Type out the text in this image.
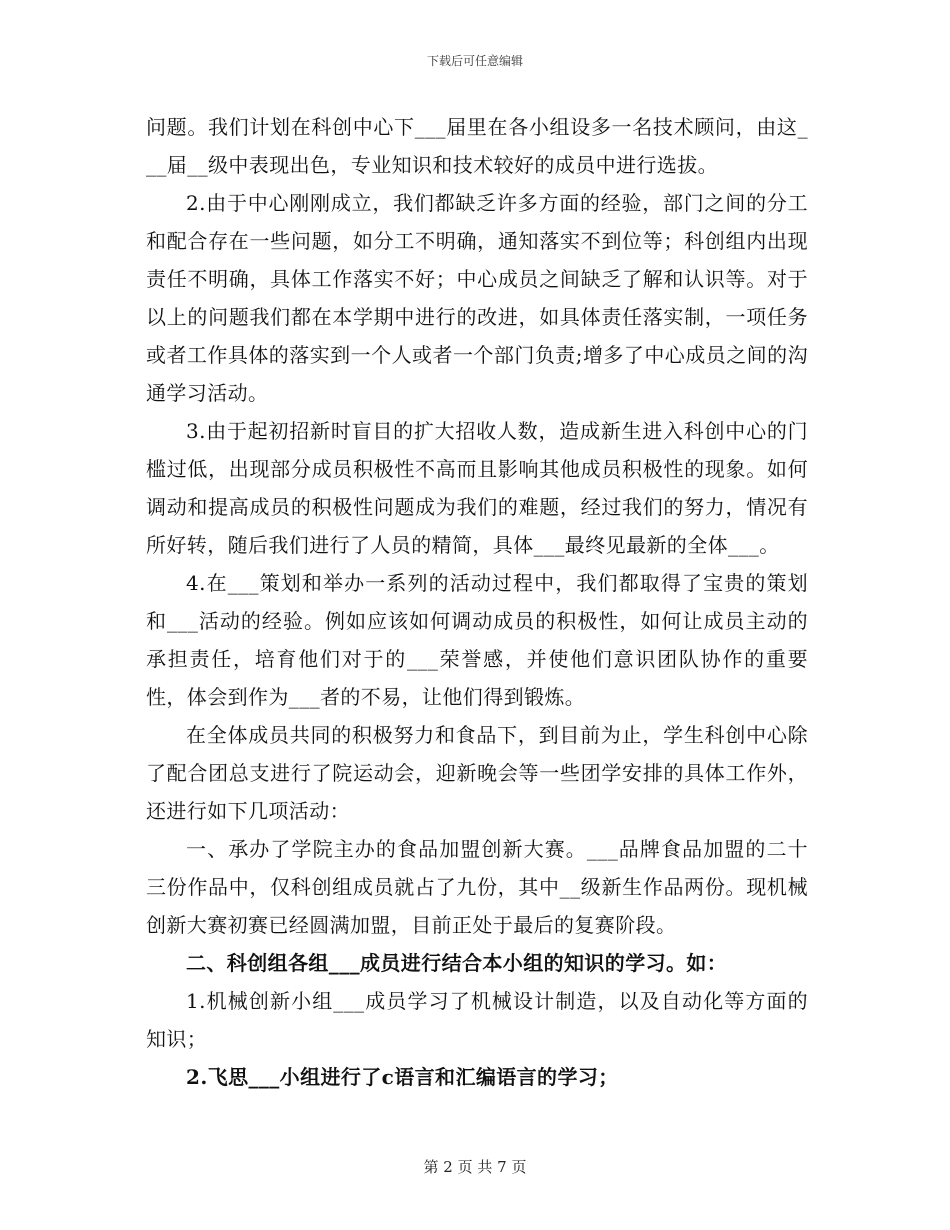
下载后可任意编辑

问题。我们计划在科创中心下___届里在各小组设多一名技术顾问，由这___届__级中表现出色，专业知识和技术较好的成员中进行选拔。

2.由于中心刚刚成立，我们都缺乏许多方面的经验，部门之间的分工和配合存在一些问题，如分工不明确，通知落实不到位等；科创组内出现责任不明确，具体工作落实不好；中心成员之间缺乏了解和认识等。对于以上的问题我们都在本学期中进行的改进，如具体责任落实制，一项任务或者工作具体的落实到一个人或者一个部门负责;增多了中心成员之间的沟通学习活动。

3.由于起初招新时盲目的扩大招收人数，造成新生进入科创中心的门槛过低，出现部分成员积极性不高而且影响其他成员积极性的现象。如何调动和提高成员的积极性问题成为我们的难题，经过我们的努力，情况有所好转，随后我们进行了人员的精简，具体___最终见最新的全体___。

4.在___策划和举办一系列的活动过程中，我们都取得了宝贵的策划和___活动的经验。例如应该如何调动成员的积极性，如何让成员主动的承担责任，培育他们对于的___荣誉感，并使他们意识团队协作的重要性，体会到作为___者的不易，让他们得到锻炼。

在全体成员共同的积极努力和食品下，到目前为止，学生科创中心除了配合团总支进行了院运动会，迎新晚会等一些团学安排的具体工作外，还进行如下几项活动：

一、承办了学院主办的食品加盟创新大赛。___品牌食品加盟的二十三份作品中，仅科创组成员就占了九份，其中__级新生作品两份。现机械创新大赛初赛已经圆满加盟，目前正处于最后的复赛阶段。

二、科创组各组___成员进行结合本小组的知识的学习。如：

1.机械创新小组___成员学习了机械设计制造，以及自动化等方面的知识；

2.飞思___小组进行了c语言和汇编语言的学习；

第 2 页 共 7 页
